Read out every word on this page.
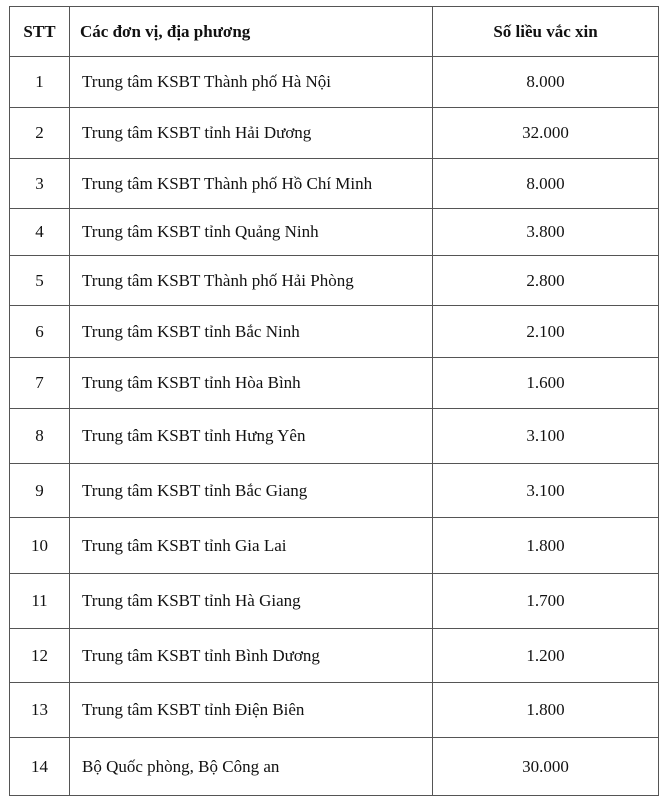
STT	Các đơn vị, địa phương	Số liều vắc xin
1	Trung tâm KSBT Thành phố Hà Nội	8.000
2	Trung tâm KSBT tỉnh Hải Dương	32.000
3	Trung tâm KSBT Thành phố Hồ Chí Minh	8.000
4	Trung tâm KSBT tỉnh Quảng Ninh	3.800
5	Trung tâm KSBT Thành phố Hải Phòng	2.800
6	Trung tâm KSBT tỉnh Bắc Ninh	2.100
7	Trung tâm KSBT tỉnh Hòa Bình	1.600
8	Trung tâm KSBT tỉnh Hưng Yên	3.100
9	Trung tâm KSBT tỉnh Bắc Giang	3.100
10	Trung tâm KSBT tỉnh Gia Lai	1.800
11	Trung tâm KSBT tỉnh Hà Giang	1.700
12	Trung tâm KSBT tỉnh Bình Dương	1.200
13	Trung tâm KSBT tỉnh Điện Biên	1.800
14	Bộ Quốc phòng, Bộ Công an	30.000
